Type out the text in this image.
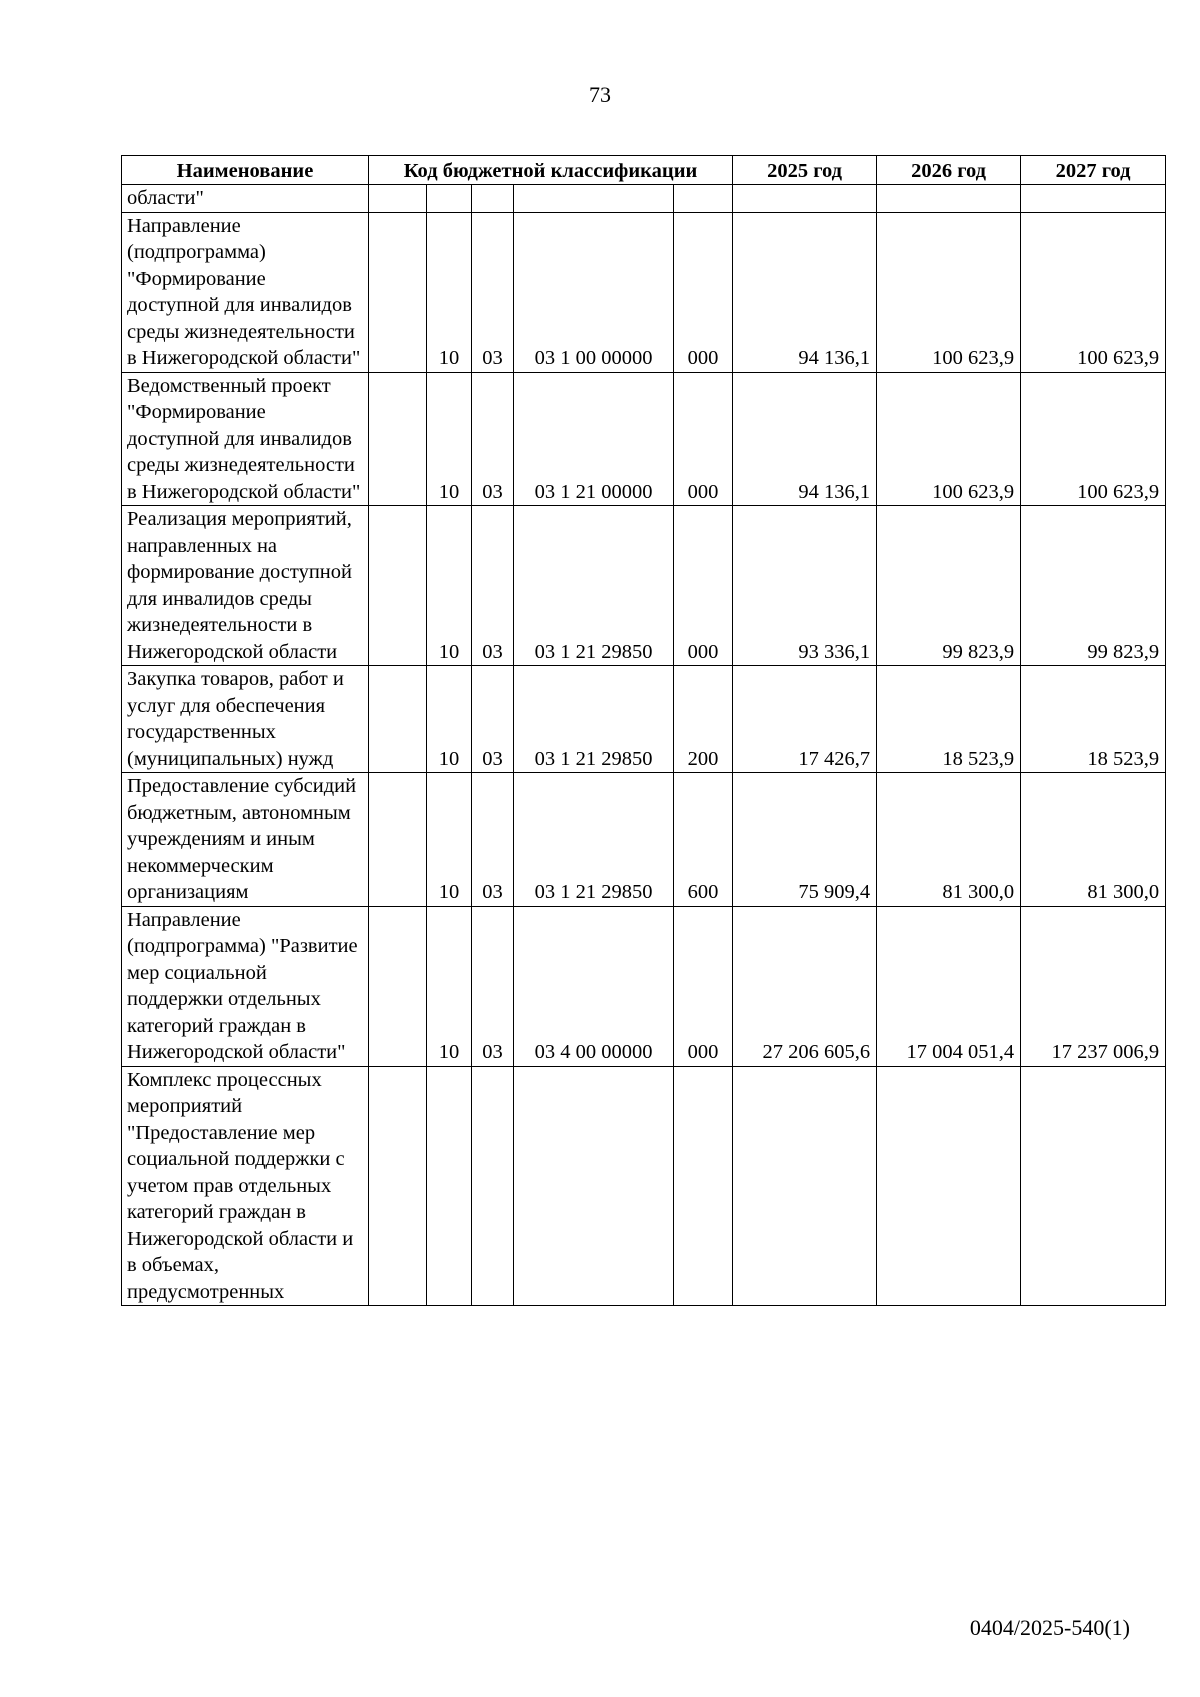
73
Наименование	Код бюджетной классификации					2025 год	2026 год	2027 год
области"								
Направление (подпрограмма) "Формирование доступной для инвалидов среды жизнедеятельности в Нижегородской области"		10	03	03 1 00 00000	000	94 136,1	100 623,9	100 623,9
Ведомственный проект "Формирование доступной для инвалидов среды жизнедеятельности в Нижегородской области"		10	03	03 1 21 00000	000	94 136,1	100 623,9	100 623,9
Реализация мероприятий, направленных на формирование доступной для инвалидов среды жизнедеятельности в Нижегородской области		10	03	03 1 21 29850	000	93 336,1	99 823,9	99 823,9
Закупка товаров, работ и услуг для обеспечения государственных (муниципальных) нужд		10	03	03 1 21 29850	200	17 426,7	18 523,9	18 523,9
Предоставление субсидий бюджетным, автономным учреждениям и иным некоммерческим организациям		10	03	03 1 21 29850	600	75 909,4	81 300,0	81 300,0
Направление (подпрограмма) "Развитие мер социальной поддержки отдельных категорий граждан в Нижегородской области"		10	03	03 4 00 00000	000	27 206 605,6	17 004 051,4	17 237 006,9
Комплекс процессных мероприятий "Предоставление мер социальной поддержки с учетом прав отдельных категорий граждан в Нижегородской области и в объемах, предусмотренных								
0404/2025-540(1)
